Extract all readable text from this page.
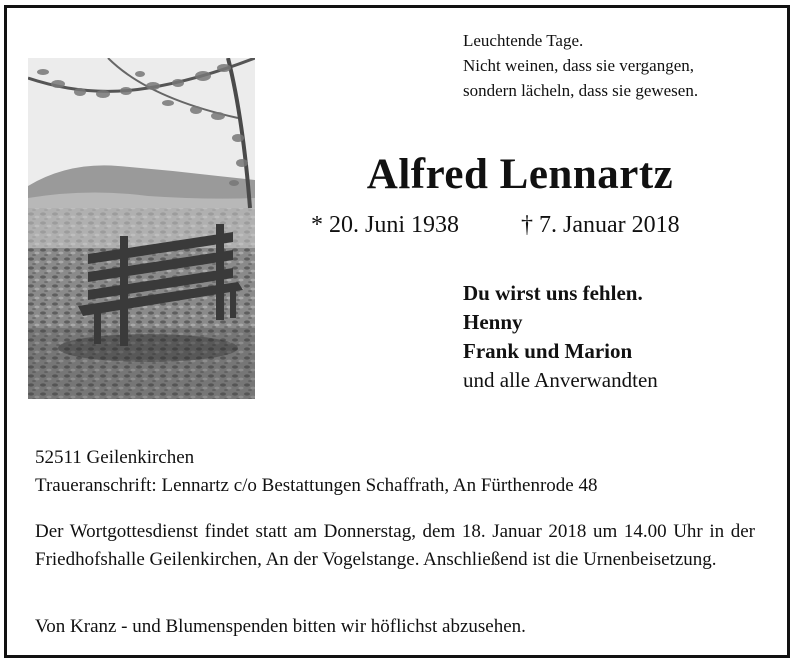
Leuchtende Tage.
Nicht weinen, dass sie vergangen,
sondern lächeln, dass sie gewesen.
Alfred Lennartz
* 20. Juni 1938	† 7. Januar 2018
Du wirst uns fehlen.
Henny
Frank und Marion
und alle Anverwandten
52511 Geilenkirchen
Traueranschrift: Lennartz c/o Bestattungen Schaffrath, An Fürthenrode 48
Der Wortgottesdienst findet statt am Donnerstag, dem 18. Januar 2018 um 14.00 Uhr in der Friedhofshalle Geilenkirchen, An der Vogelstange. Anschließend ist die Urnenbeisetzung.
Von Kranz - und Blumenspenden bitten wir höflichst abzusehen.
